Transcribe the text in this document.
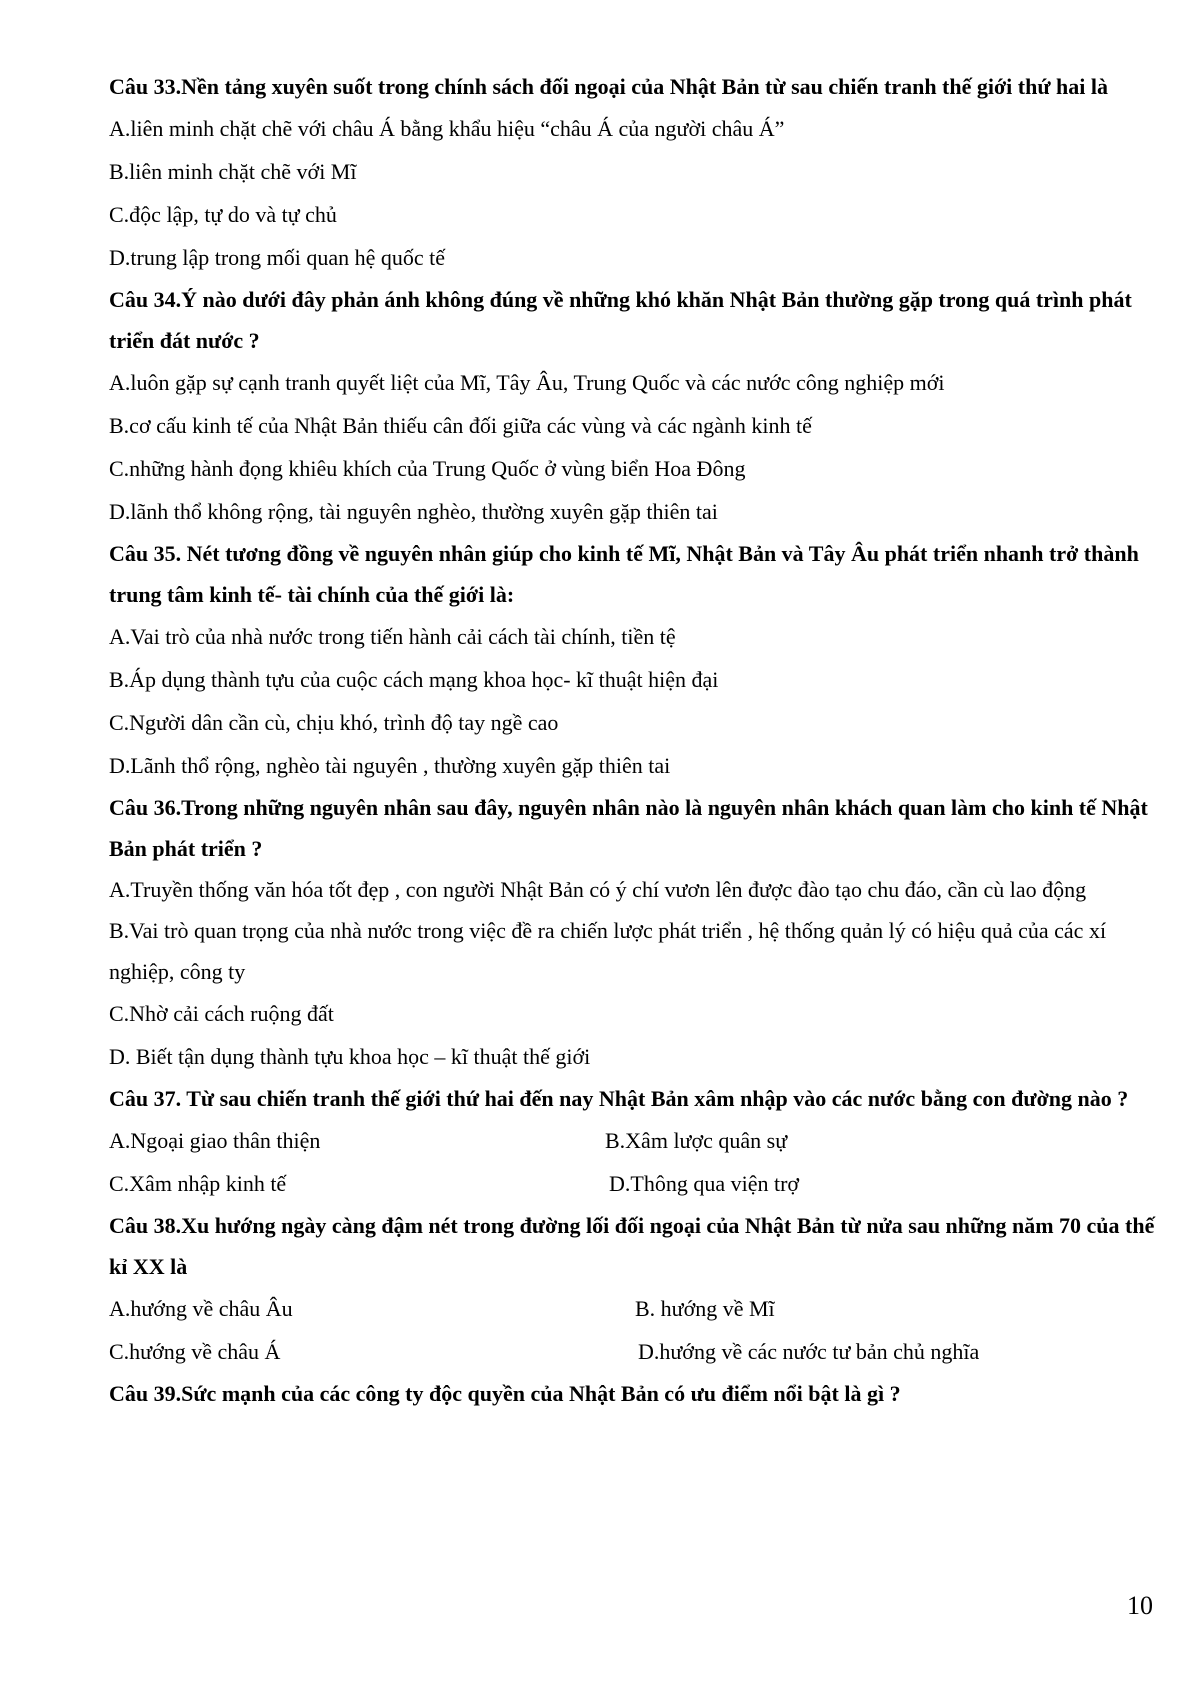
Câu 33.Nền tảng xuyên suốt trong chính sách đối ngoại của Nhật Bản từ sau chiến tranh thế giới thứ hai là

A.liên minh chặt chẽ với châu Á bằng khẩu hiệu “châu Á của người châu Á”

B.liên minh chặt chẽ với Mĩ

C.độc lập, tự do và tự chủ

D.trung lập trong mối quan hệ quốc tế

Câu 34.Ý nào dưới đây phản ánh không đúng về những khó khăn Nhật Bản thường gặp trong quá trình phát triển đát nước ?

A.luôn gặp sự cạnh tranh quyết liệt của Mĩ, Tây Âu, Trung Quốc và các nước công nghiệp mới

B.cơ cấu kinh tế của Nhật Bản thiếu cân đối giữa các vùng và các ngành kinh tế

C.những hành đọng khiêu khích của Trung Quốc ở vùng biển Hoa Đông

D.lãnh thổ không rộng, tài nguyên nghèo, thường xuyên gặp thiên tai

Câu 35. Nét tương đồng về nguyên nhân giúp cho kinh tế Mĩ, Nhật Bản và Tây Âu phát triển nhanh trở thành trung tâm kinh tế- tài chính của thế giới là:

A.Vai trò của nhà nước trong tiến hành cải cách tài chính, tiền tệ

B.Áp dụng thành tựu của cuộc cách mạng khoa học- kĩ thuật hiện đại

C.Người dân cần cù, chịu khó, trình độ tay ngề cao

D.Lãnh thổ rộng, nghèo tài nguyên , thường xuyên gặp thiên tai

Câu 36.Trong những nguyên nhân sau đây, nguyên nhân nào là nguyên nhân khách quan làm cho kinh tế Nhật Bản phát triển ?

A.Truyền thống văn hóa tốt đẹp , con người Nhật Bản có ý chí vươn lên được đào tạo chu đáo, cần cù lao động

B.Vai trò quan trọng của nhà nước trong việc đề ra chiến lược phát triển , hệ thống quản lý có hiệu quả của các xí nghiệp, công ty

C.Nhờ cải cách ruộng đất

D. Biết tận dụng thành tựu khoa học – kĩ thuật thế giới

Câu 37. Từ sau chiến tranh thế giới thứ hai đến nay Nhật Bản xâm nhập vào các nước bằng con đường nào ?

A.Ngoại giao thân thiện	B.Xâm lược quân sự
C.Xâm nhập kinh tế	D.Thông qua viện trợ

Câu 38.Xu hướng ngày càng đậm nét trong đường lối đối ngoại của Nhật Bản từ nửa sau những năm 70 của thế kỉ XX là

A.hướng về châu Âu	B. hướng về Mĩ
C.hướng về châu Á	D.hướng về các nước tư bản chủ nghĩa

Câu 39.Sức mạnh của các công ty độc quyền của Nhật Bản có ưu điểm nổi bật là gì ?

10
